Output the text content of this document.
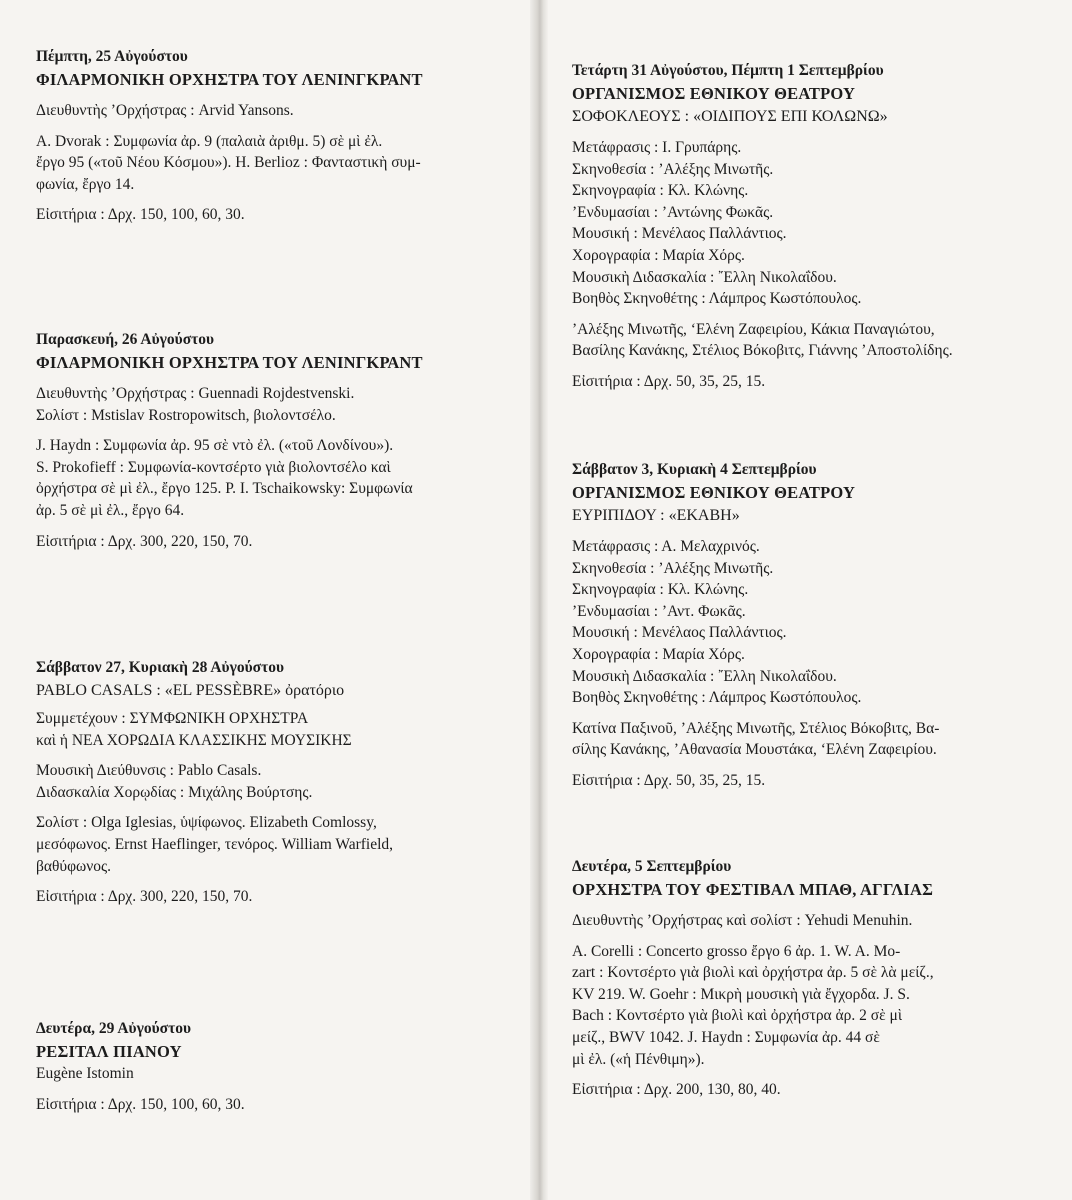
Πέμπτη, 25 Αὐγούστου
ΦΙΛΑΡΜΟΝΙΚΗ ΟΡΧΗΣΤΡΑ ΤΟΥ ΛΕΝΙΝΓΚΡΑΝΤ

Διευθυντὴς ’Ορχήστρας : Arvid Yansons.

Α. Dvorak : Συμφωνία ἀρ. 9 (παλαιὰ ἀριθμ. 5) σὲ μὶ ἐλ.

ἔργο 95 («τοῦ Νέου Κόσμου»). Η. Berlioz : Φανταστικὴ συμ-

φωνία, ἔργο 14.

Εἰσιτήρια : Δρχ. 150, 100, 60, 30.

Παρασκευή, 26 Αὐγούστου
ΦΙΛΑΡΜΟΝΙΚΗ ΟΡΧΗΣΤΡΑ ΤΟΥ ΛΕΝΙΝΓΚΡΑΝΤ

Διευθυντὴς ’Ορχήστρας : Guennadi Rojdestvenski.

Σολίστ : Mstislav Rostropowitsch, βιολοντσέλο.

J. Haydn : Συμφωνία ἀρ. 95 σὲ ντὸ ἐλ. («τοῦ Λονδίνου»).

S. Prokofieff : Συμφωνία-κοντσέρτο γιὰ βιολοντσέλο καὶ

ὀρχήστρα σὲ μὶ ἐλ., ἔργο 125. P. I. Tschaikowsky: Συμφωνία

ἀρ. 5 σὲ μὶ ἐλ., ἔργο 64.

Εἰσιτήρια : Δρχ. 300, 220, 150, 70.

Σάββατον 27, Κυριακὴ 28 Αὐγούστου
PABLO CASALS : «EL PESSÈBRE» ὀρατόριο

Συμμετέχουν : ΣΥΜΦΩΝΙΚΗ ΟΡΧΗΣΤΡΑ

καὶ ἡ ΝΕΑ ΧΟΡΩΔΙΑ ΚΛΑΣΣΙΚΗΣ ΜΟΥΣΙΚΗΣ

Μουσικὴ Διεύθυνσις : Pablo Casals.

Διδασκαλία Χορῳδίας : Μιχάλης Βούρτσης.

Σολίστ : Olga Iglesias, ὑψίφωνος. Elizabeth Comlossy,

μεσόφωνος. Ernst Haeflinger, τενόρος. William Warfield,

βαθύφωνος.

Εἰσιτήρια : Δρχ. 300, 220, 150, 70.

Δευτέρα, 29 Αὐγούστου
ΡΕΣΙΤΑΛ ΠΙΑΝΟΥ

Eugène Istomin

Εἰσιτήρια : Δρχ. 150, 100, 60, 30.

Τετάρτη 31 Αὐγούστου, Πέμπτη 1 Σεπτεμβρίου
ΟΡΓΑΝΙΣΜΟΣ ΕΘΝΙΚΟΥ ΘΕΑΤΡΟΥ
ΣΟΦΟΚΛΕΟΥΣ : «ΟΙΔΙΠΟΥΣ ΕΠΙ ΚΟΛΩΝΩ»

Μετάφρασις : Ι. Γρυπάρης.

Σκηνοθεσία : ’Αλέξης Μινωτῆς.

Σκηνογραφία : Κλ. Κλώνης.

’Ενδυμασίαι : ’Αντώνης Φωκᾶς.

Μουσική : Μενέλαος Παλλάντιος.

Χορογραφία : Μαρία Χόρς.

Μουσικὴ Διδασκαλία : ῎Ελλη Νικολαΐδου.

Βοηθὸς Σκηνοθέτης : Λάμπρος Κωστόπουλος.

’Αλέξης Μινωτῆς, ‘Ελένη Ζαφειρίου, Κάκια Παναγιώτου,

Βασίλης Κανάκης, Στέλιος Βόκοβιτς, Γιάννης ’Αποστολίδης.

Εἰσιτήρια : Δρχ. 50, 35, 25, 15.

Σάββατον 3, Κυριακὴ 4 Σεπτεμβρίου
ΟΡΓΑΝΙΣΜΟΣ ΕΘΝΙΚΟΥ ΘΕΑΤΡΟΥ
ΕΥΡΙΠΙΔΟΥ : «ΕΚΑΒΗ»

Μετάφρασις : Α. Μελαχρινός.

Σκηνοθεσία : ’Αλέξης Μινωτῆς.

Σκηνογραφία : Κλ. Κλώνης.

’Ενδυμασίαι : ’Αντ. Φωκᾶς.

Μουσική : Μενέλαος Παλλάντιος.

Χορογραφία : Μαρία Χόρς.

Μουσικὴ Διδασκαλία : ῎Ελλη Νικολαΐδου.

Βοηθὸς Σκηνοθέτης : Λάμπρος Κωστόπουλος.

Κατίνα Παξινοῦ, ’Αλέξης Μινωτῆς, Στέλιος Βόκοβιτς, Βα-

σίλης Κανάκης, ’Αθανασία Μουστάκα, ‘Ελένη Ζαφειρίου.

Εἰσιτήρια : Δρχ. 50, 35, 25, 15.

Δευτέρα, 5 Σεπτεμβρίου
ΟΡΧΗΣΤΡΑ ΤΟΥ ΦΕΣΤΙΒΑΛ ΜΠΑΘ, ΑΓΓΛΙΑΣ

Διευθυντὴς ’Ορχήστρας καὶ σολίστ : Yehudi Menuhin.

A. Corelli : Concerto grosso ἔργο 6 ἀρ. 1. W. A. Mo-

zart : Κοντσέρτο γιὰ βιολὶ καὶ ὀρχήστρα ἀρ. 5 σὲ λὰ μείζ.,

KV 219. W. Goehr : Μικρὴ μουσικὴ γιὰ ἔγχορδα. J. S.

Bach : Κοντσέρτο γιὰ βιολὶ καὶ ὀρχήστρα ἀρ. 2 σὲ μὶ

μείζ., BWV 1042. J. Haydn : Συμφωνία ἀρ. 44 σὲ

μὶ ἐλ. («ἡ Πένθιμη»).

Εἰσιτήρια : Δρχ. 200, 130, 80, 40.
